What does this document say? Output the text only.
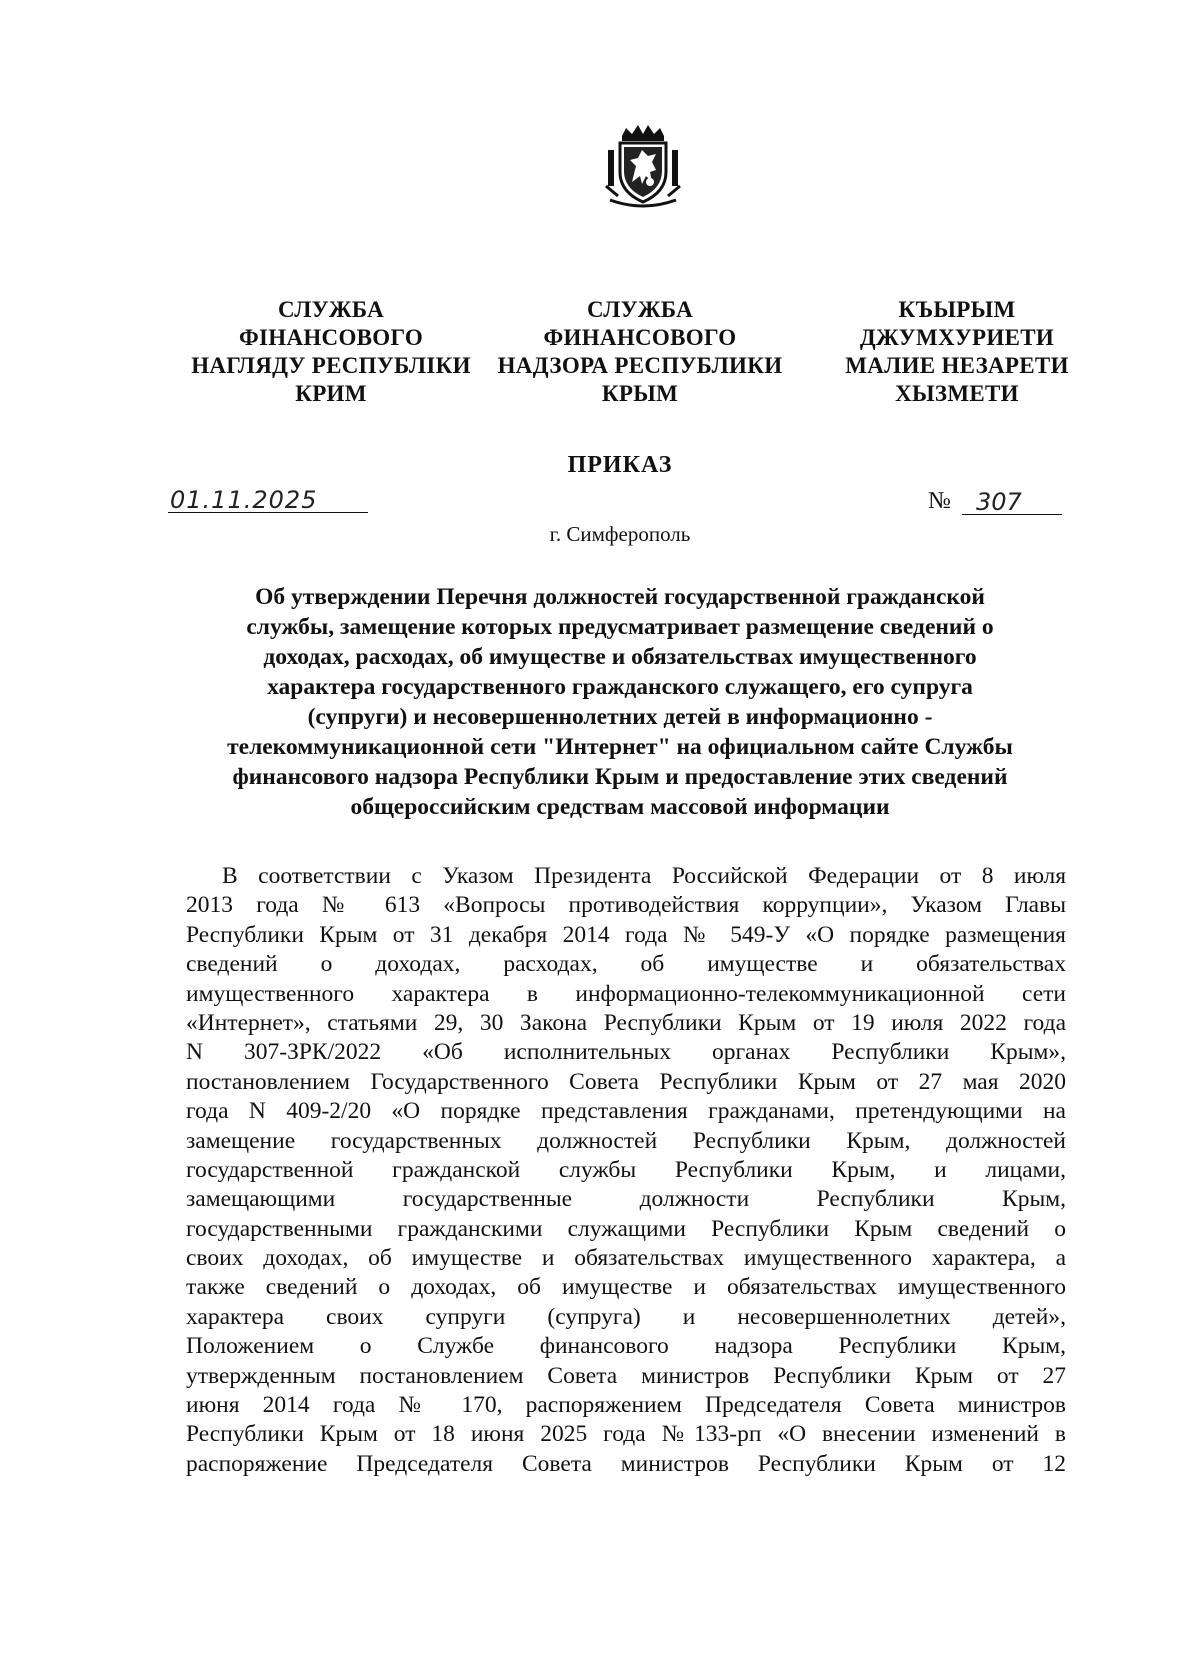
СЛУЖБА
ФІНАНСОВОГО
НАГЛЯДУ РЕСПУБЛІКИ
КРИМ
СЛУЖБА
ФИНАНСОВОГО
НАДЗОРА РЕСПУБЛИКИ
КРЫМ
КЪЫРЫМ
ДЖУМХУРИЕТИ
МАЛИЕ НЕЗАРЕТИ
ХЫЗМЕТИ
ПРИКАЗ
01.11.2025	№ 307
г. Симферополь
Об утверждении Перечня должностей государственной гражданской
службы, замещение которых предусматривает размещение сведений о
доходах, расходах, об имуществе и обязательствах имущественного
характера государственного гражданского служащего, его супруга
(супруги) и несовершеннолетних детей в информационно -
телекоммуникационной сети "Интернет" на официальном сайте Службы
финансового надзора Республики Крым и предоставление этих сведений
общероссийским средствам массовой информации
В соответствии с Указом Президента Российской Федерации от 8 июля
2013 года № 613 «Вопросы противодействия коррупции», Указом Главы
Республики Крым от 31 декабря 2014 года № 549-У «О порядке размещения
сведений о доходах, расходах, об имуществе и обязательствах
имущественного характера в информационно-телекоммуникационной сети
«Интернет», статьями 29, 30 Закона Республики Крым от 19 июля 2022 года
N 307-ЗРК/2022 «Об исполнительных органах Республики Крым»,
постановлением Государственного Совета Республики Крым от 27 мая 2020
года N 409-2/20 «О порядке представления гражданами, претендующими на
замещение государственных должностей Республики Крым, должностей
государственной гражданской службы Республики Крым, и лицами,
замещающими государственные должности Республики Крым,
государственными гражданскими служащими Республики Крым сведений о
своих доходах, об имуществе и обязательствах имущественного характера, а
также сведений о доходах, об имуществе и обязательствах имущественного
характера своих супруги (супруга) и несовершеннолетних детей»,
Положением о Службе финансового надзора Республики Крым,
утвержденным постановлением Совета министров Республики Крым от 27
июня 2014 года № 170, распоряжением Председателя Совета министров
Республики Крым от 18 июня 2025 года №133-рп «О внесении изменений в
распоряжение Председателя Совета министров Республики Крым от 12
